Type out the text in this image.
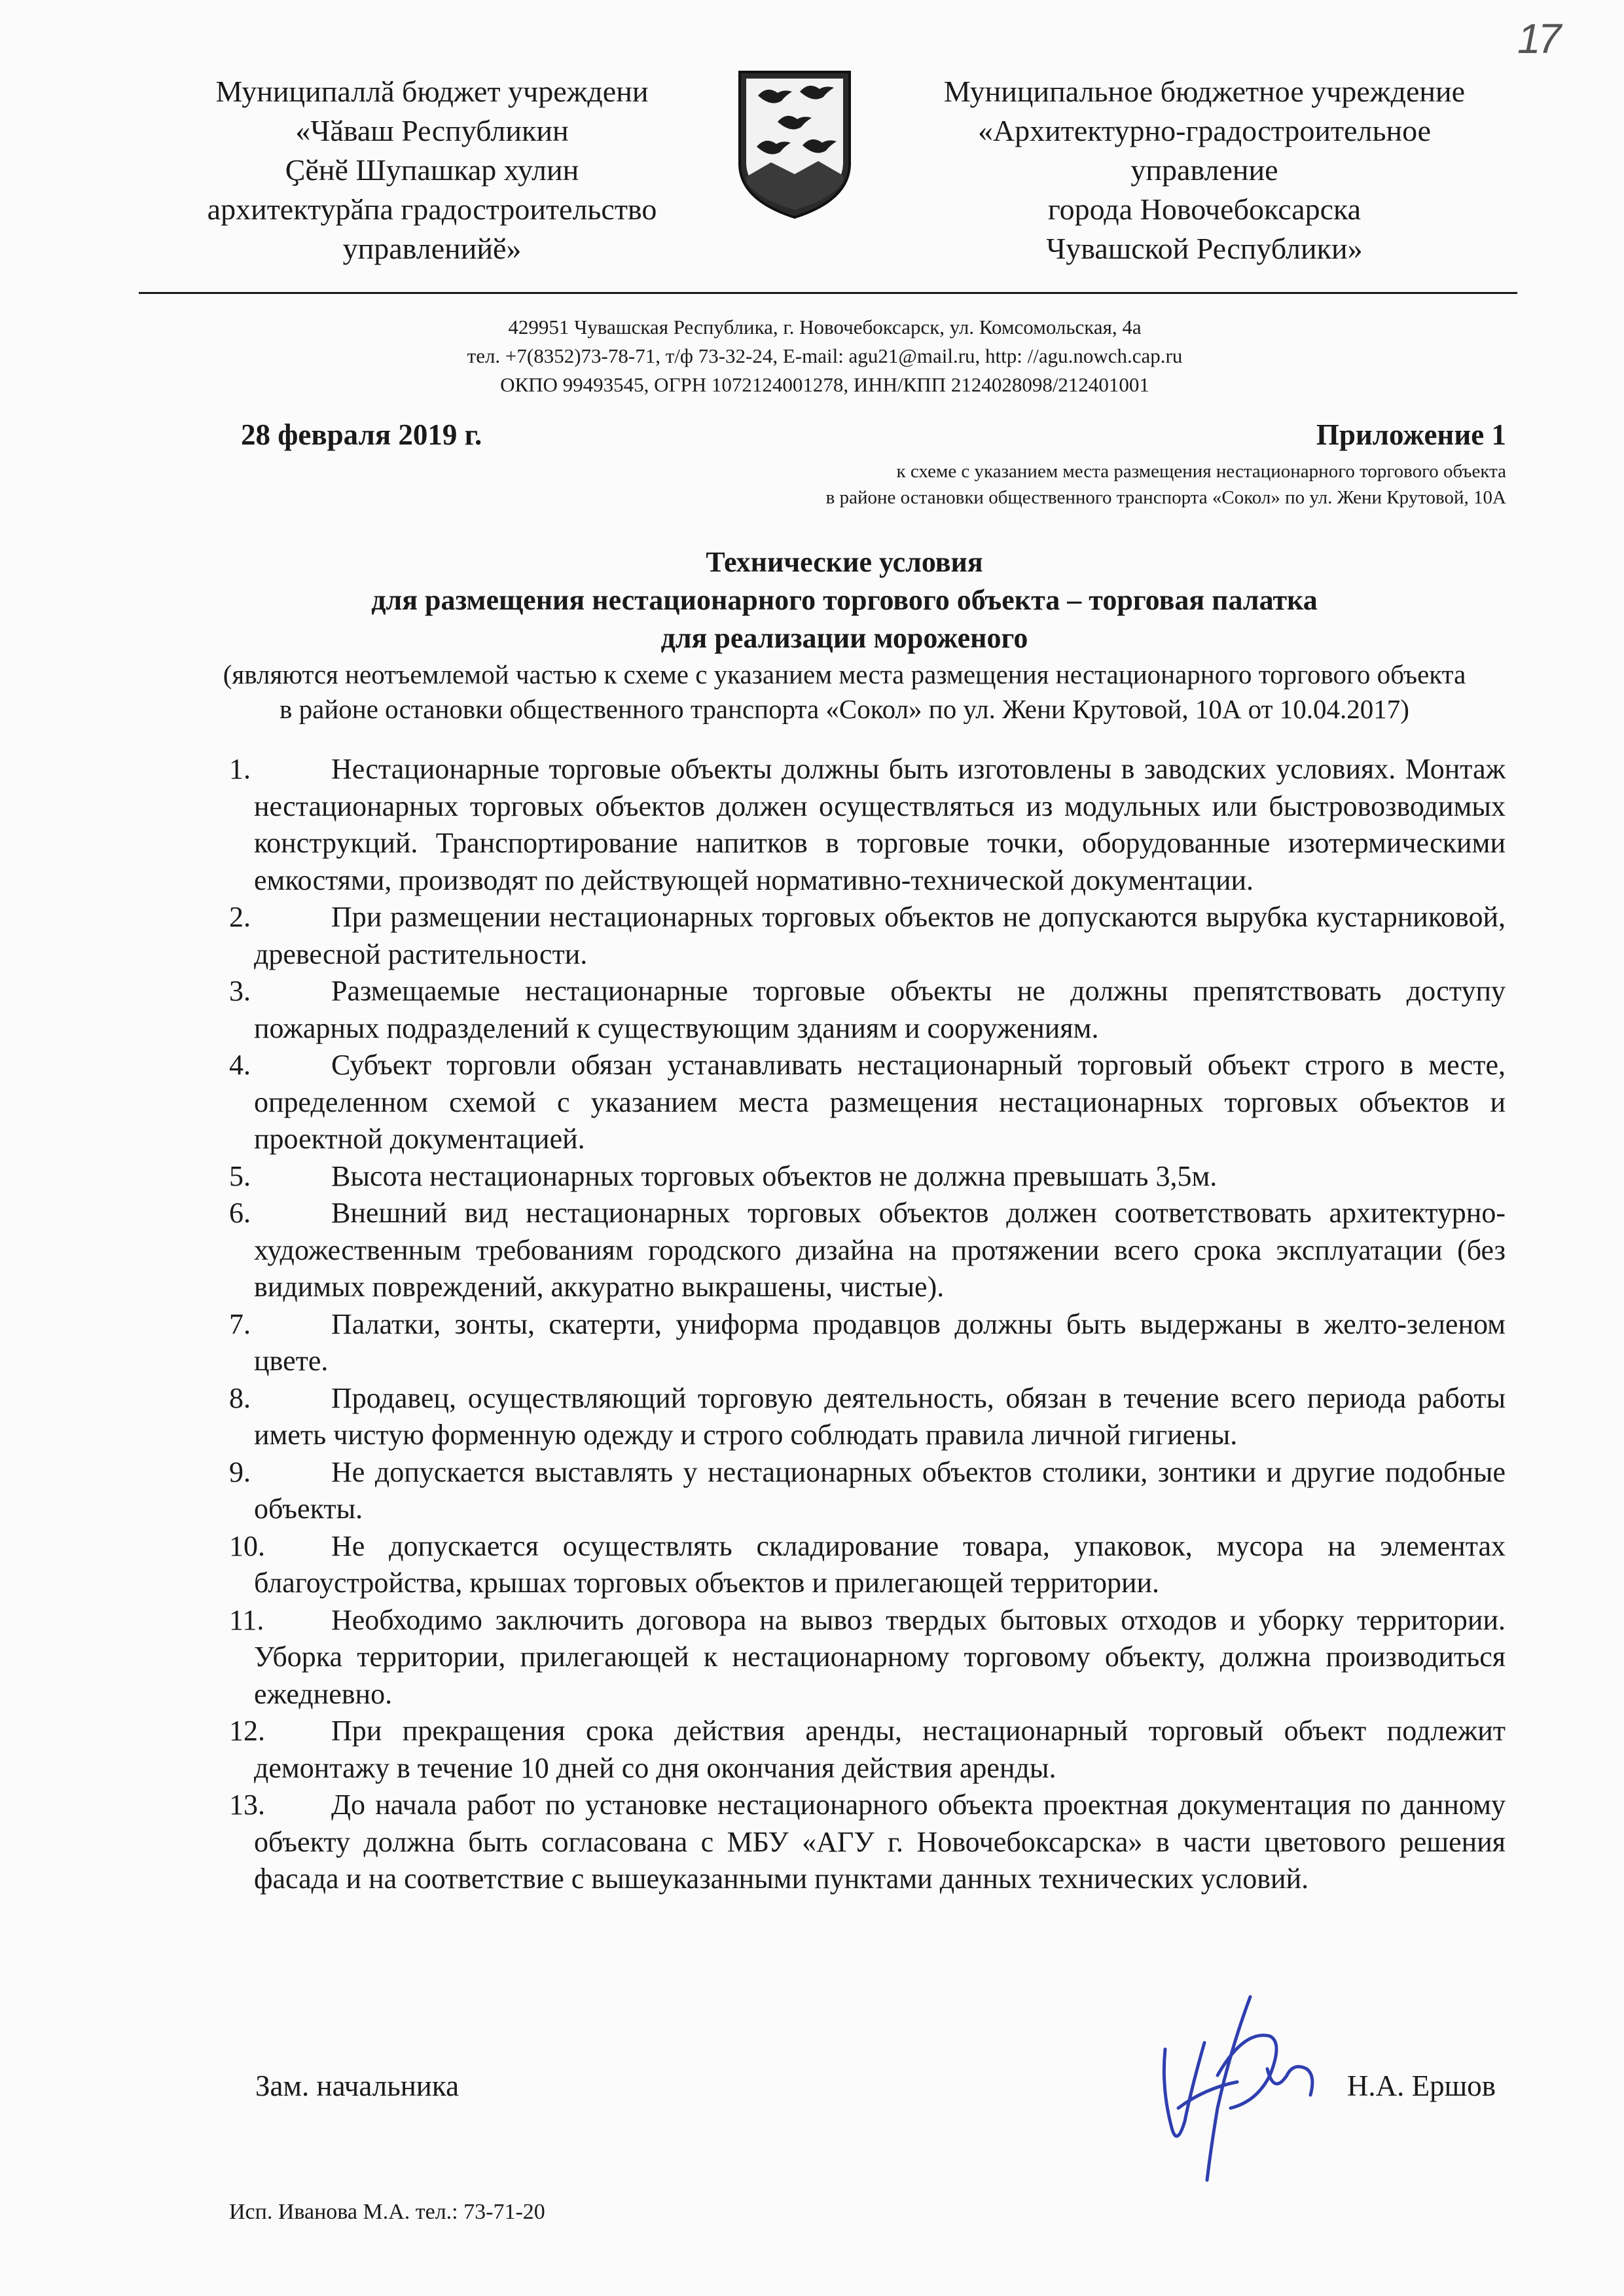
17
Муниципаллӑ бюджет учреждени
«Чӑваш Республикин
Ҫӗнӗ Шупашкар хулин
архитектурӑпа градостроительство
управленийӗ»
Муниципальное бюджетное учреждение
«Архитектурно-градостроительное
управление
города Новочебоксарска
Чувашской Республики»
429951 Чувашская Республика, г. Новочебоксарск, ул. Комсомольская, 4а
тел. +7(8352)73-78-71, т/ф 73-32-24, E-mail: agu21@mail.ru, http: //agu.nowch.cap.ru
ОКПО 99493545, ОГРН 1072124001278, ИНН/КПП 2124028098/212401001
28 февраля 2019 г.	Приложение 1
к схеме с указанием места размещения нестационарного торгового объекта
в районе остановки общественного транспорта «Сокол» по ул. Жени Крутовой, 10А
Технические условия
для размещения нестационарного торгового объекта – торговая палатка
для реализации мороженого
(являются неотъемлемой частью к схеме с указанием места размещения нестационарного торгового объекта
в районе остановки общественного транспорта «Сокол» по ул. Жени Крутовой, 10А от 10.04.2017)
1.	Нестационарные торговые объекты должны быть изготовлены в заводских условиях. Монтаж нестационарных торговых объектов должен осуществляться из модульных или быстровозводимых конструкций. Транспортирование напитков в торговые точки, оборудованные изотермическими емкостями, производят по действующей нормативно-технической документации.
2.	При размещении нестационарных торговых объектов не допускаются вырубка кустарниковой, древесной растительности.
3.	Размещаемые нестационарные торговые объекты не должны препятствовать доступу пожарных подразделений к существующим зданиям и сооружениям.
4.	Субъект торговли обязан устанавливать нестационарный торговый объект строго в месте, определенном схемой с указанием места размещения нестационарных торговых объектов и проектной документацией.
5.	Высота нестационарных торговых объектов не должна превышать 3,5м.
6.	Внешний вид нестационарных торговых объектов должен соответствовать архитектурно-художественным требованиям городского дизайна на протяжении всего срока эксплуатации (без видимых повреждений, аккуратно выкрашены, чистые).
7.	Палатки, зонты, скатерти, униформа продавцов должны быть выдержаны в желто-зеленом цвете.
8.	Продавец, осуществляющий торговую деятельность, обязан в течение всего периода работы иметь чистую форменную одежду и строго соблюдать правила личной гигиены.
9.	Не допускается выставлять у нестационарных объектов столики, зонтики и другие подобные объекты.
10.	Не допускается осуществлять складирование товара, упаковок, мусора на элементах благоустройства, крышах торговых объектов и прилегающей территории.
11.	Необходимо заключить договора на вывоз твердых бытовых отходов и уборку территории. Уборка территории, прилегающей к нестационарному торговому объекту, должна производиться ежедневно.
12.	При прекращения срока действия аренды, нестационарный торговый объект подлежит демонтажу в течение 10 дней со дня окончания действия аренды.
13.	До начала работ по установке нестационарного объекта проектная документация по данному объекту должна быть согласована с МБУ «АГУ г. Новочебоксарска» в части цветового решения фасада и на соответствие с вышеуказанными пунктами данных технических условий.
Зам. начальника	Н.А. Ершов
Исп. Иванова М.А. тел.: 73-71-20
